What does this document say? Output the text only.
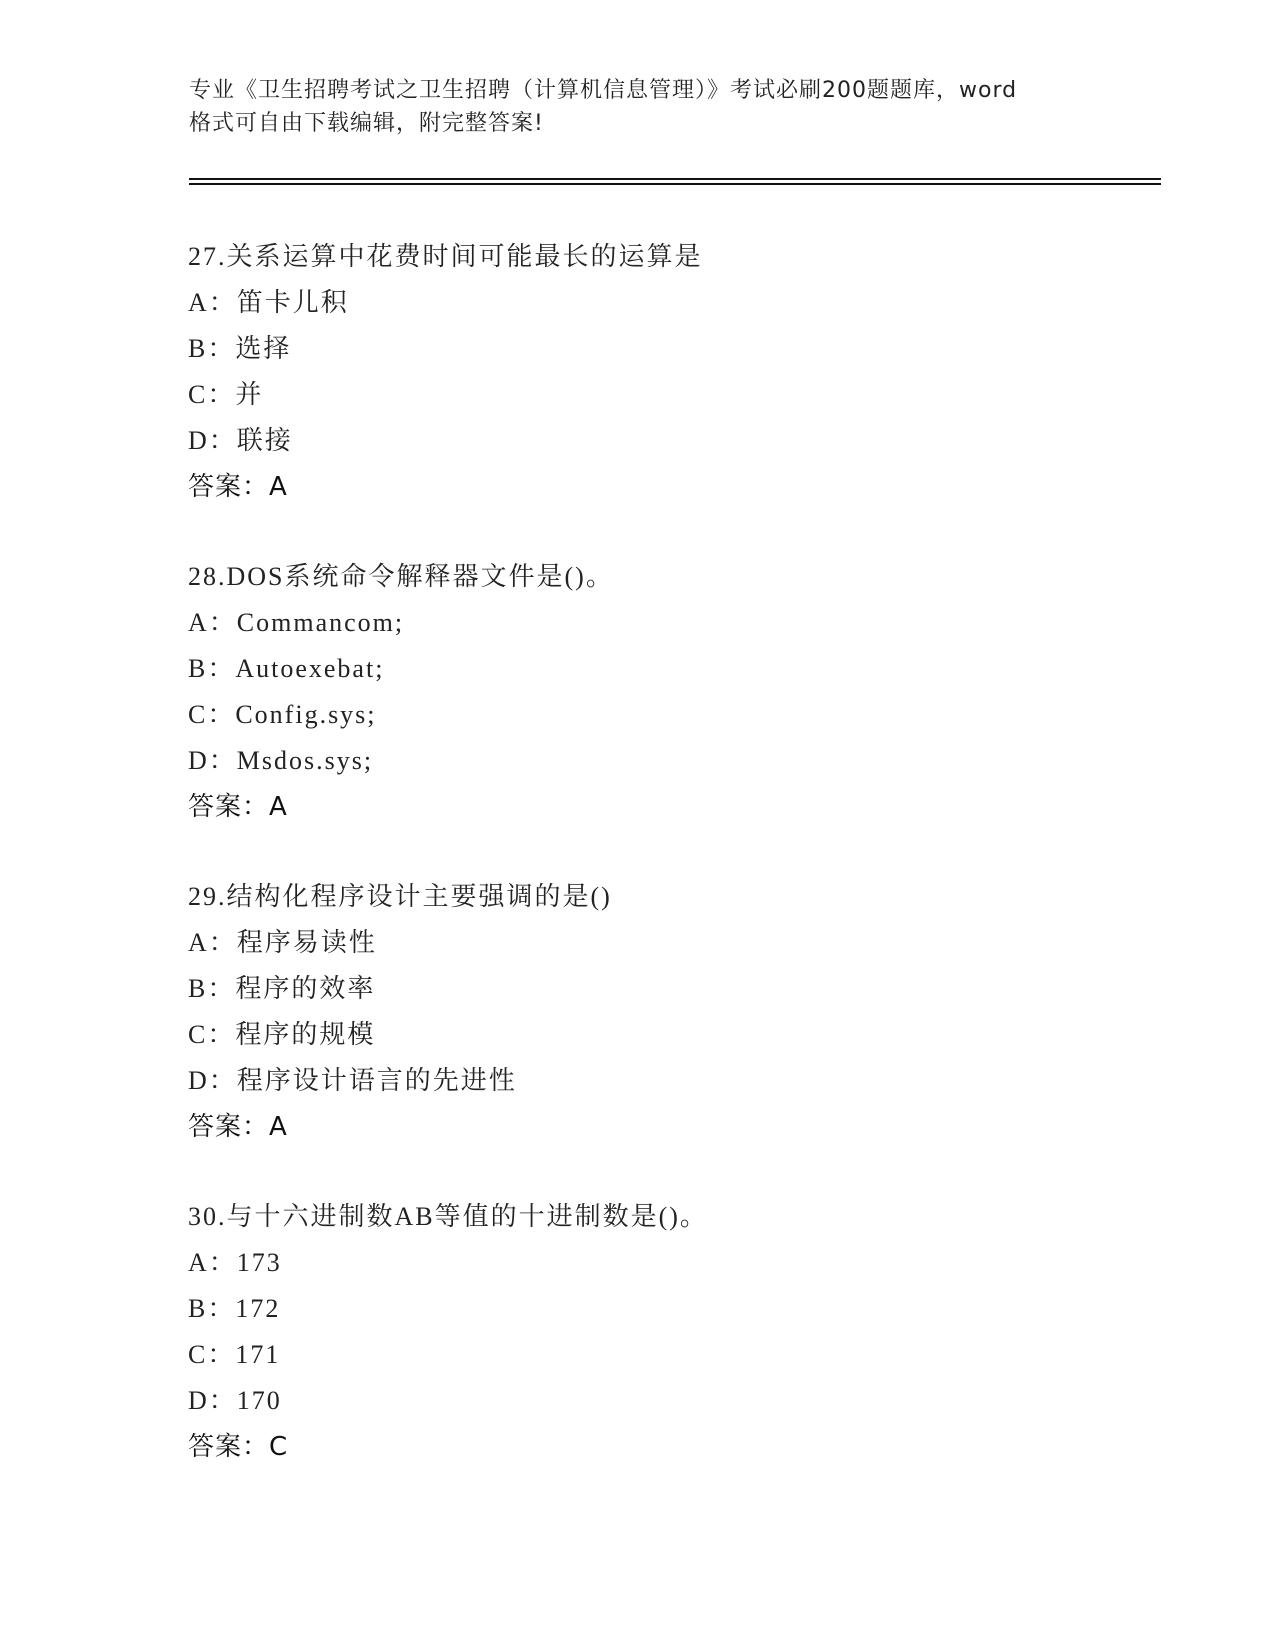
专业《卫生招聘考试之卫生招聘（计算机信息管理）》考试必刷200题题库，word
格式可自由下载编辑，附完整答案!
27.关系运算中花费时间可能最长的运算是
A：笛卡儿积
B：选择
C：并
D：联接
答案：A
28.DOS系统命令解释器文件是()。
A：Commancom;
B：Autoexebat;
C：Config.sys;
D：Msdos.sys;
答案：A
29.结构化程序设计主要强调的是()
A：程序易读性
B：程序的效率
C：程序的规模
D：程序设计语言的先进性
答案：A
30.与十六进制数AB等值的十进制数是()。
A：173
B：172
C：171
D：170
答案：C
